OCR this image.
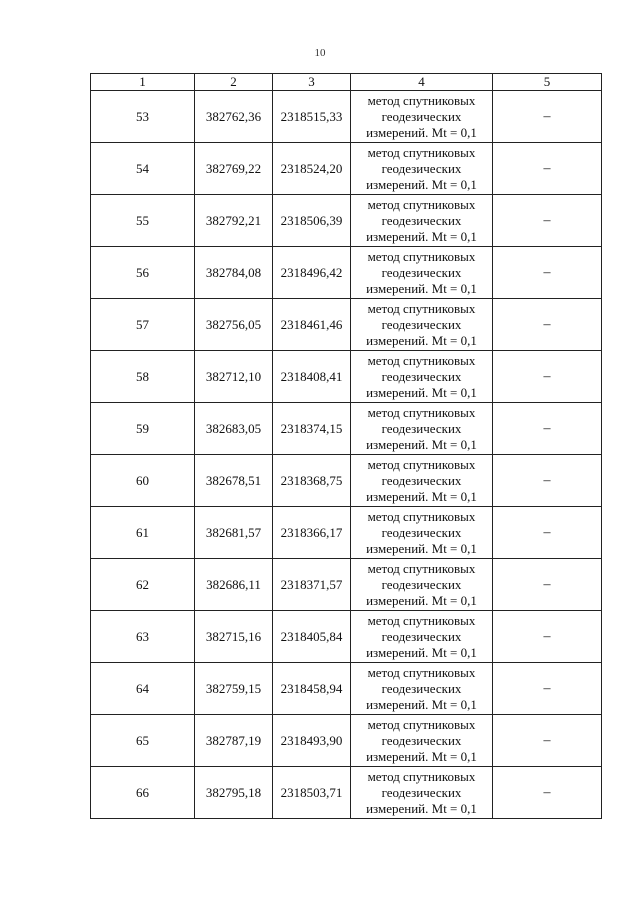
10
1	2	3	4	5
53	382762,36	2318515,33	метод спутниковых геодезических измерений. Mt = 0,1	–
54	382769,22	2318524,20	метод спутниковых геодезических измерений. Mt = 0,1	–
55	382792,21	2318506,39	метод спутниковых геодезических измерений. Mt = 0,1	–
56	382784,08	2318496,42	метод спутниковых геодезических измерений. Mt = 0,1	–
57	382756,05	2318461,46	метод спутниковых геодезических измерений. Mt = 0,1	–
58	382712,10	2318408,41	метод спутниковых геодезических измерений. Mt = 0,1	–
59	382683,05	2318374,15	метод спутниковых геодезических измерений. Mt = 0,1	–
60	382678,51	2318368,75	метод спутниковых геодезических измерений. Mt = 0,1	–
61	382681,57	2318366,17	метод спутниковых геодезических измерений. Mt = 0,1	–
62	382686,11	2318371,57	метод спутниковых геодезических измерений. Mt = 0,1	–
63	382715,16	2318405,84	метод спутниковых геодезических измерений. Mt = 0,1	–
64	382759,15	2318458,94	метод спутниковых геодезических измерений. Mt = 0,1	–
65	382787,19	2318493,90	метод спутниковых геодезических измерений. Mt = 0,1	–
66	382795,18	2318503,71	метод спутниковых геодезических измерений. Mt = 0,1	–
